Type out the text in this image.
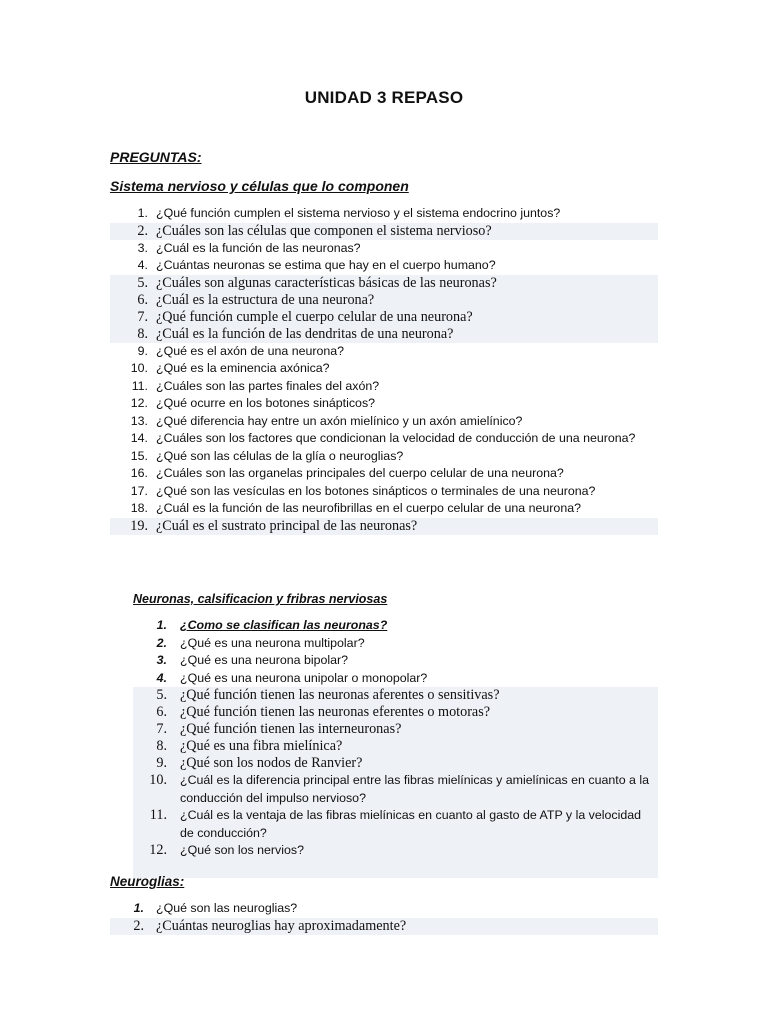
UNIDAD 3 REPASO
PREGUNTAS:
Sistema nervioso y células que lo componen
1. ¿Qué función cumplen el sistema nervioso y el sistema endocrino juntos?
2. ¿Cuáles son las células que componen el sistema nervioso?
3. ¿Cuál es la función de las neuronas?
4. ¿Cuántas neuronas se estima que hay en el cuerpo humano?
5. ¿Cuáles son algunas características básicas de las neuronas?
6. ¿Cuál es la estructura de una neurona?
7. ¿Qué función cumple el cuerpo celular de una neurona?
8. ¿Cuál es la función de las dendritas de una neurona?
9. ¿Qué es el axón de una neurona?
10. ¿Qué es la eminencia axónica?
11. ¿Cuáles son las partes finales del axón?
12. ¿Qué ocurre en los botones sinápticos?
13. ¿Qué diferencia hay entre un axón mielínico y un axón amielínico?
14. ¿Cuáles son los factores que condicionan la velocidad de conducción de una neurona?
15. ¿Qué son las células de la glía o neuroglias?
16. ¿Cuáles son las organelas principales del cuerpo celular de una neurona?
17. ¿Qué son las vesículas en los botones sinápticos o terminales de una neurona?
18. ¿Cuál es la función de las neurofibrillas en el cuerpo celular de una neurona?
19. ¿Cuál es el sustrato principal de las neuronas?
Neuronas, calsificacion y fribras nerviosas
1. ¿Como se clasifican las neuronas?
2. ¿Qué es una neurona multipolar?
3. ¿Qué es una neurona bipolar?
4. ¿Qué es una neurona unipolar o monopolar?
5. ¿Qué función tienen las neuronas aferentes o sensitivas?
6. ¿Qué función tienen las neuronas eferentes o motoras?
7. ¿Qué función tienen las interneuronas?
8. ¿Qué es una fibra mielínica?
9. ¿Qué son los nodos de Ranvier?
10. ¿Cuál es la diferencia principal entre las fibras mielínicas y amielínicas en cuanto a la conducción del impulso nervioso?
11. ¿Cuál es la ventaja de las fibras mielínicas en cuanto al gasto de ATP y la velocidad de conducción?
12. ¿Qué son los nervios?
Neuroglias:
1. ¿Qué son las neuroglias?
2. ¿Cuántas neuroglias hay aproximadamente?
